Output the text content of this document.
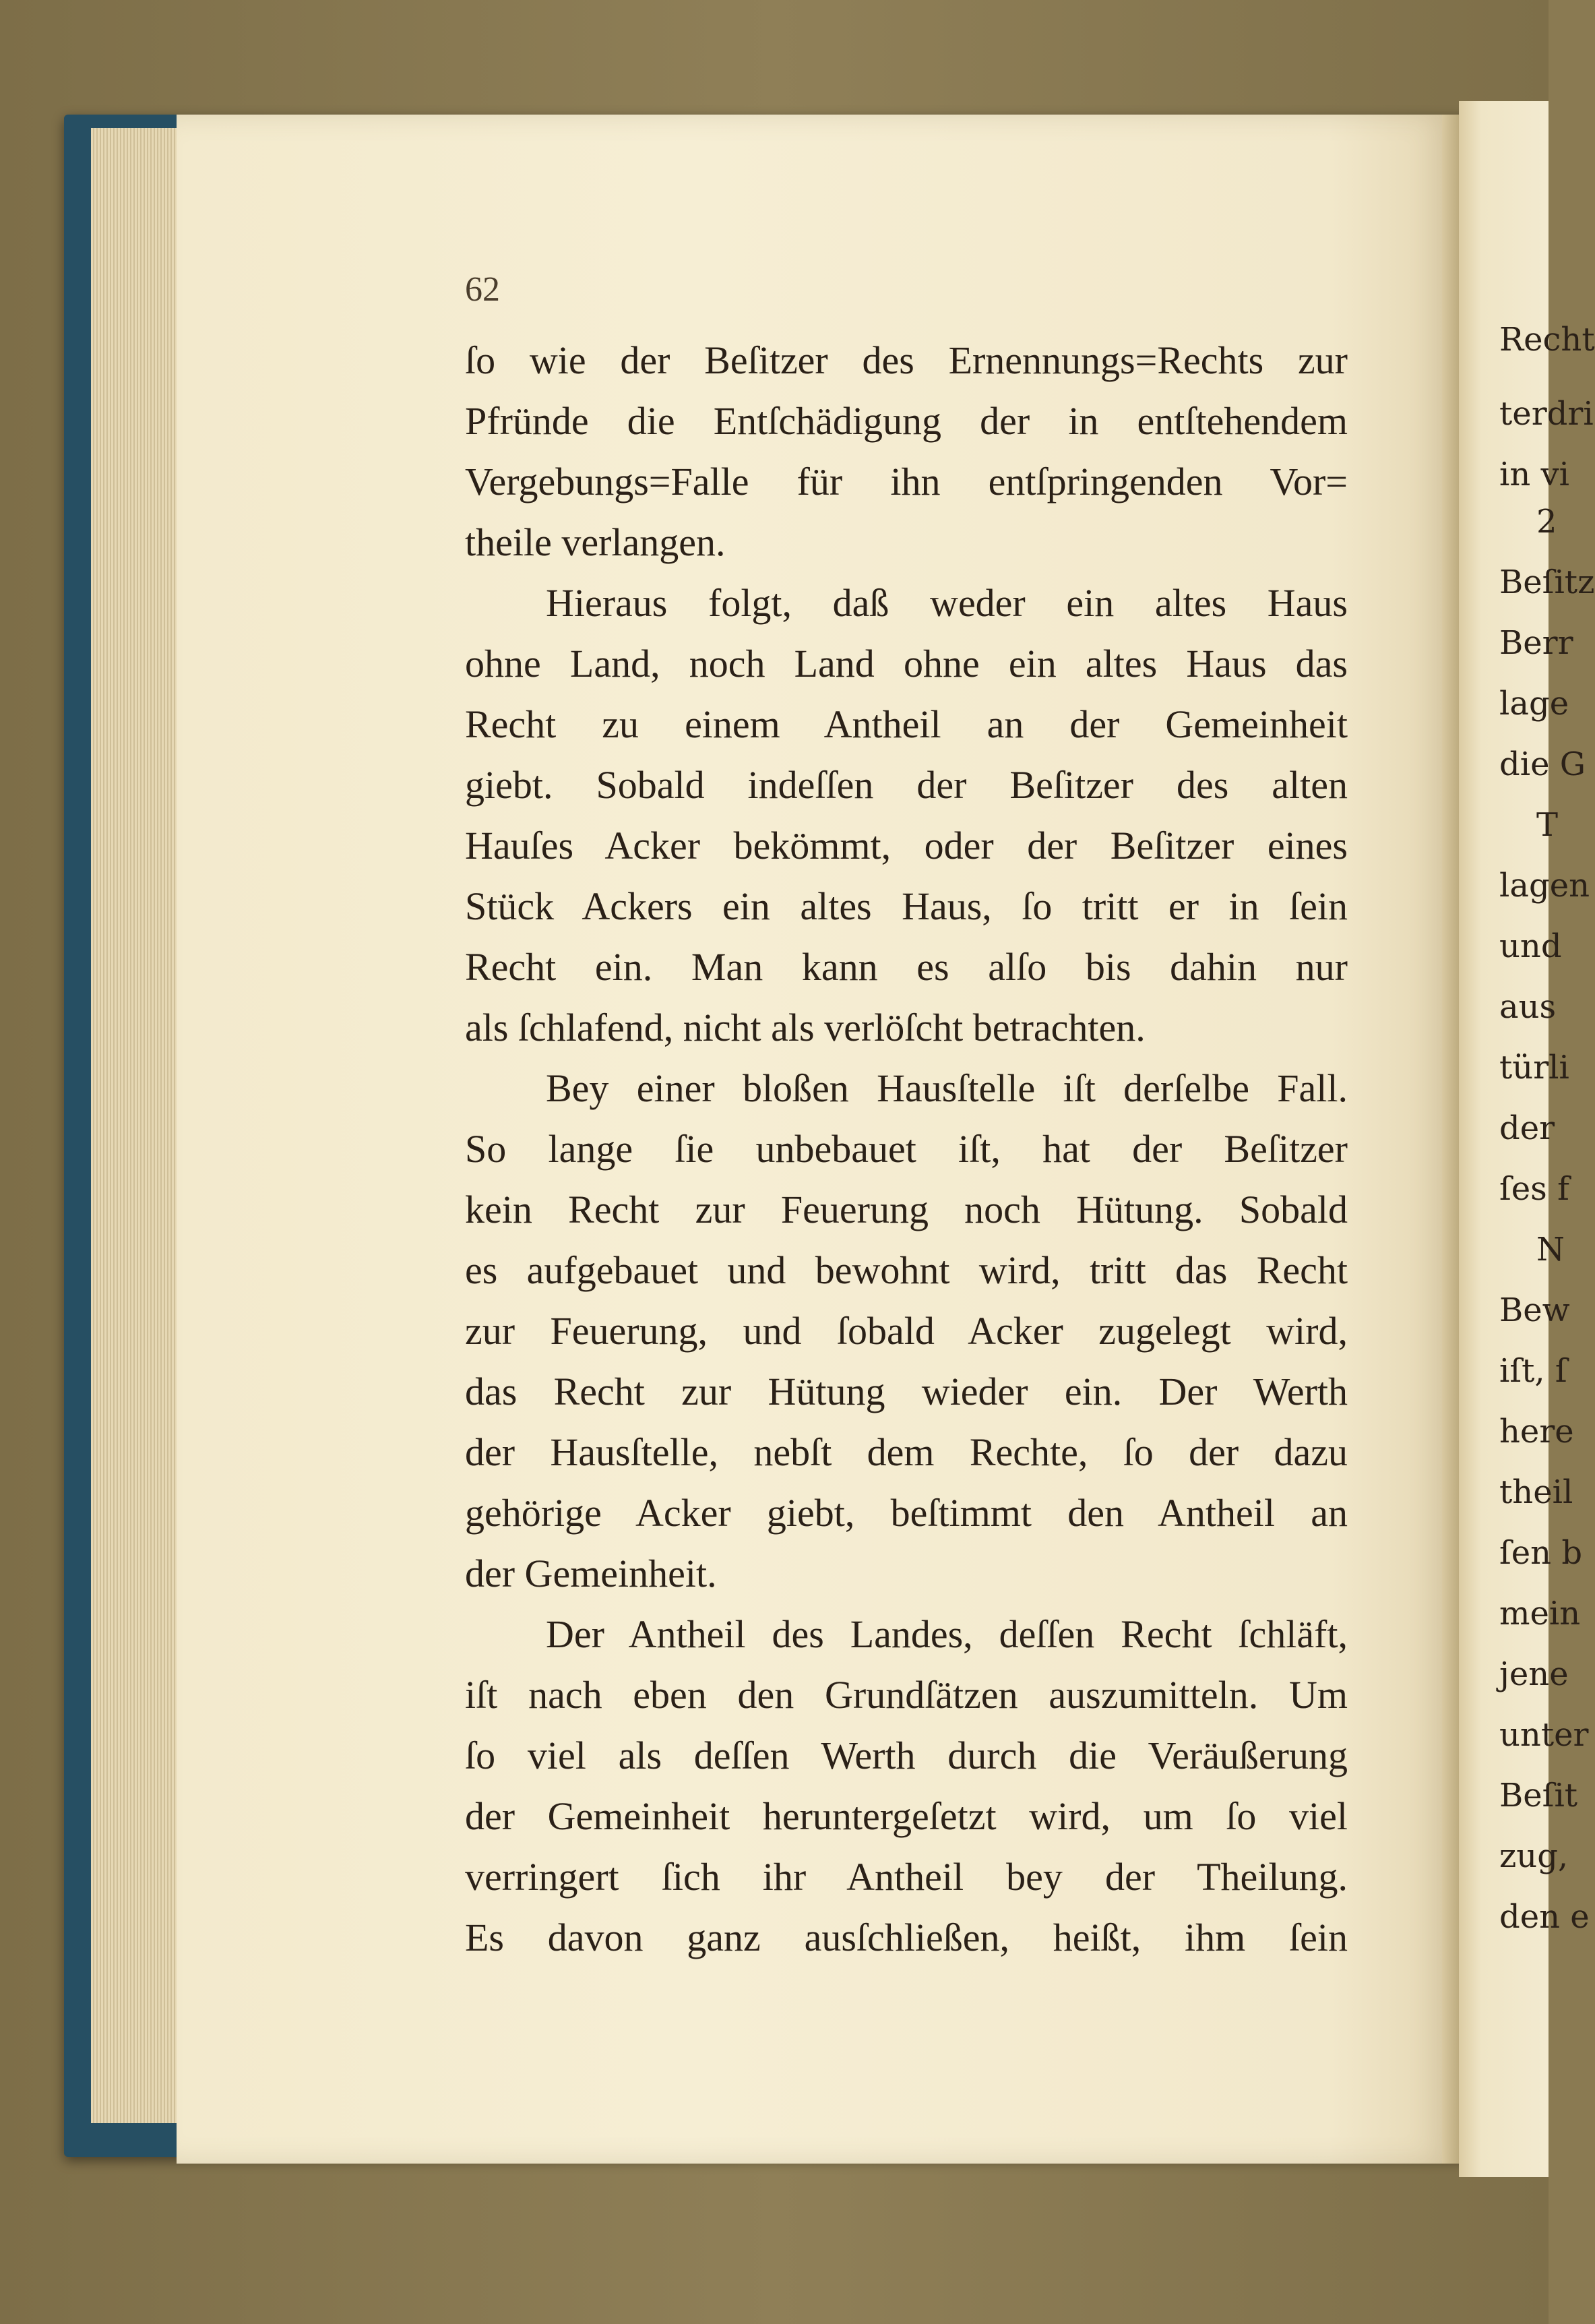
Recht

terdri

in vi

2

Beſitz

Berr

lage

die G

T

lagen

und

aus

türli

der

ſes f

N

Bew

iſt, ſ

here

theil

ſen b

mein

jene

unter

Beſit

zug,

den e

62

ſo wie der Beſitzer des Ernennungs=Rechts zur

Pfründe die Entſchädigung der in entſtehendem

Vergebungs=Falle für ihn entſpringenden Vor=

theile verlangen.

Hieraus folgt, daß weder ein altes Haus

ohne Land, noch Land ohne ein altes Haus das

Recht zu einem Antheil an der Gemeinheit

giebt. Sobald indeſſen der Beſitzer des alten

Hauſes Acker bekömmt, oder der Beſitzer eines

Stück Ackers ein altes Haus, ſo tritt er in ſein

Recht ein. Man kann es alſo bis dahin nur

als ſchlafend, nicht als verlöſcht betrachten.

Bey einer bloßen Hausſtelle iſt derſelbe Fall.

So lange ſie unbebauet iſt, hat der Beſitzer

kein Recht zur Feuerung noch Hütung. Sobald

es aufgebauet und bewohnt wird, tritt das Recht

zur Feuerung, und ſobald Acker zugelegt wird,

das Recht zur Hütung wieder ein. Der Werth

der Hausſtelle, nebſt dem Rechte, ſo der dazu

gehörige Acker giebt, beſtimmt den Antheil an

der Gemeinheit.

Der Antheil des Landes, deſſen Recht ſchläft,

iſt nach eben den Grundſätzen auszumitteln. Um

ſo viel als deſſen Werth durch die Veräußerung

der Gemeinheit heruntergeſetzt wird, um ſo viel

verringert ſich ihr Antheil bey der Theilung.

Es davon ganz ausſchließen, heißt, ihm ſein
